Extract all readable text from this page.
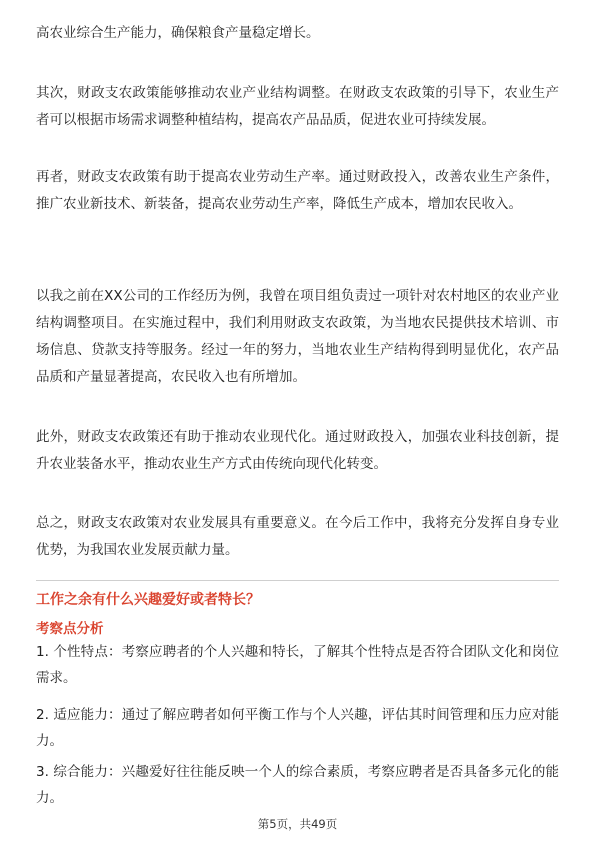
高农业综合生产能力，确保粮食产量稳定增长。

其次，财政支农政策能够推动农业产业结构调整。在财政支农政策的引导下，农业生产者可以根据市场需求调整种植结构，提高农产品品质，促进农业可持续发展。

再者，财政支农政策有助于提高农业劳动生产率。通过财政投入，改善农业生产条件，推广农业新技术、新装备，提高农业劳动生产率，降低生产成本，增加农民收入。

以我之前在XX公司的工作经历为例，我曾在项目组负责过一项针对农村地区的农业产业结构调整项目。在实施过程中，我们利用财政支农政策，为当地农民提供技术培训、市场信息、贷款支持等服务。经过一年的努力，当地农业生产结构得到明显优化，农产品品质和产量显著提高，农民收入也有所增加。

此外，财政支农政策还有助于推动农业现代化。通过财政投入，加强农业科技创新，提升农业装备水平，推动农业生产方式由传统向现代化转变。

总之，财政支农政策对农业发展具有重要意义。在今后工作中，我将充分发挥自身专业优势，为我国农业发展贡献力量。

工作之余有什么兴趣爱好或者特长？

考察点分析

1. 个性特点：考察应聘者的个人兴趣和特长，了解其个性特点是否符合团队文化和岗位需求。

2. 适应能力：通过了解应聘者如何平衡工作与个人兴趣，评估其时间管理和压力应对能力。

3. 综合能力：兴趣爱好往往能反映一个人的综合素质，考察应聘者是否具备多元化的能力。

第5页，共49页
